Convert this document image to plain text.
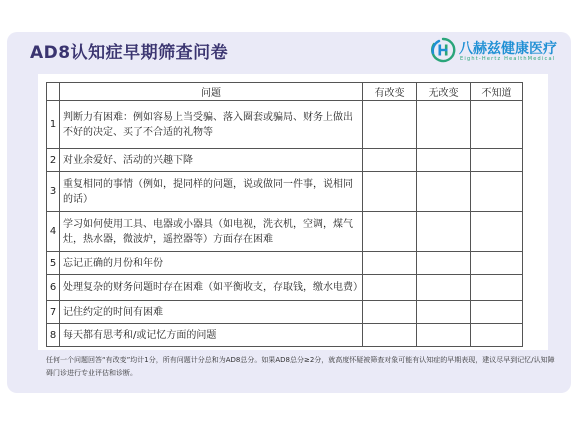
AD8认知症早期筛查问卷	八赫兹健康医疗
Eight-Hertz HealthMedical
	问题	有改变	无改变	不知道
1	判断力有困难：例如容易上当受骗、落入圈套或骗局、财务上做出不好的决定、买了不合适的礼物等			
2	对业余爱好、活动的兴趣下降			
3	重复相同的事情（例如，提同样的问题，说或做同一件事，说相同的话）			
4	学习如何使用工具、电器或小器具（如电视，洗衣机，空调，煤气灶，热水器，微波炉，遥控器等）方面存在困难			
5	忘记正确的月份和年份			
6	处理复杂的财务问题时存在困难（如平衡收支，存取钱，缴水电费）			
7	记住约定的时间有困难			
8	每天都有思考和/或记忆方面的问题			
任何一个问题回答“有改变”均计1分，所有问题计分总和为AD8总分。如果AD8总分≥2分，就高度怀疑被筛查对象可能有认知症的早期表现，建议尽早到记忆/认知障碍门诊进行专业评估和诊断。
